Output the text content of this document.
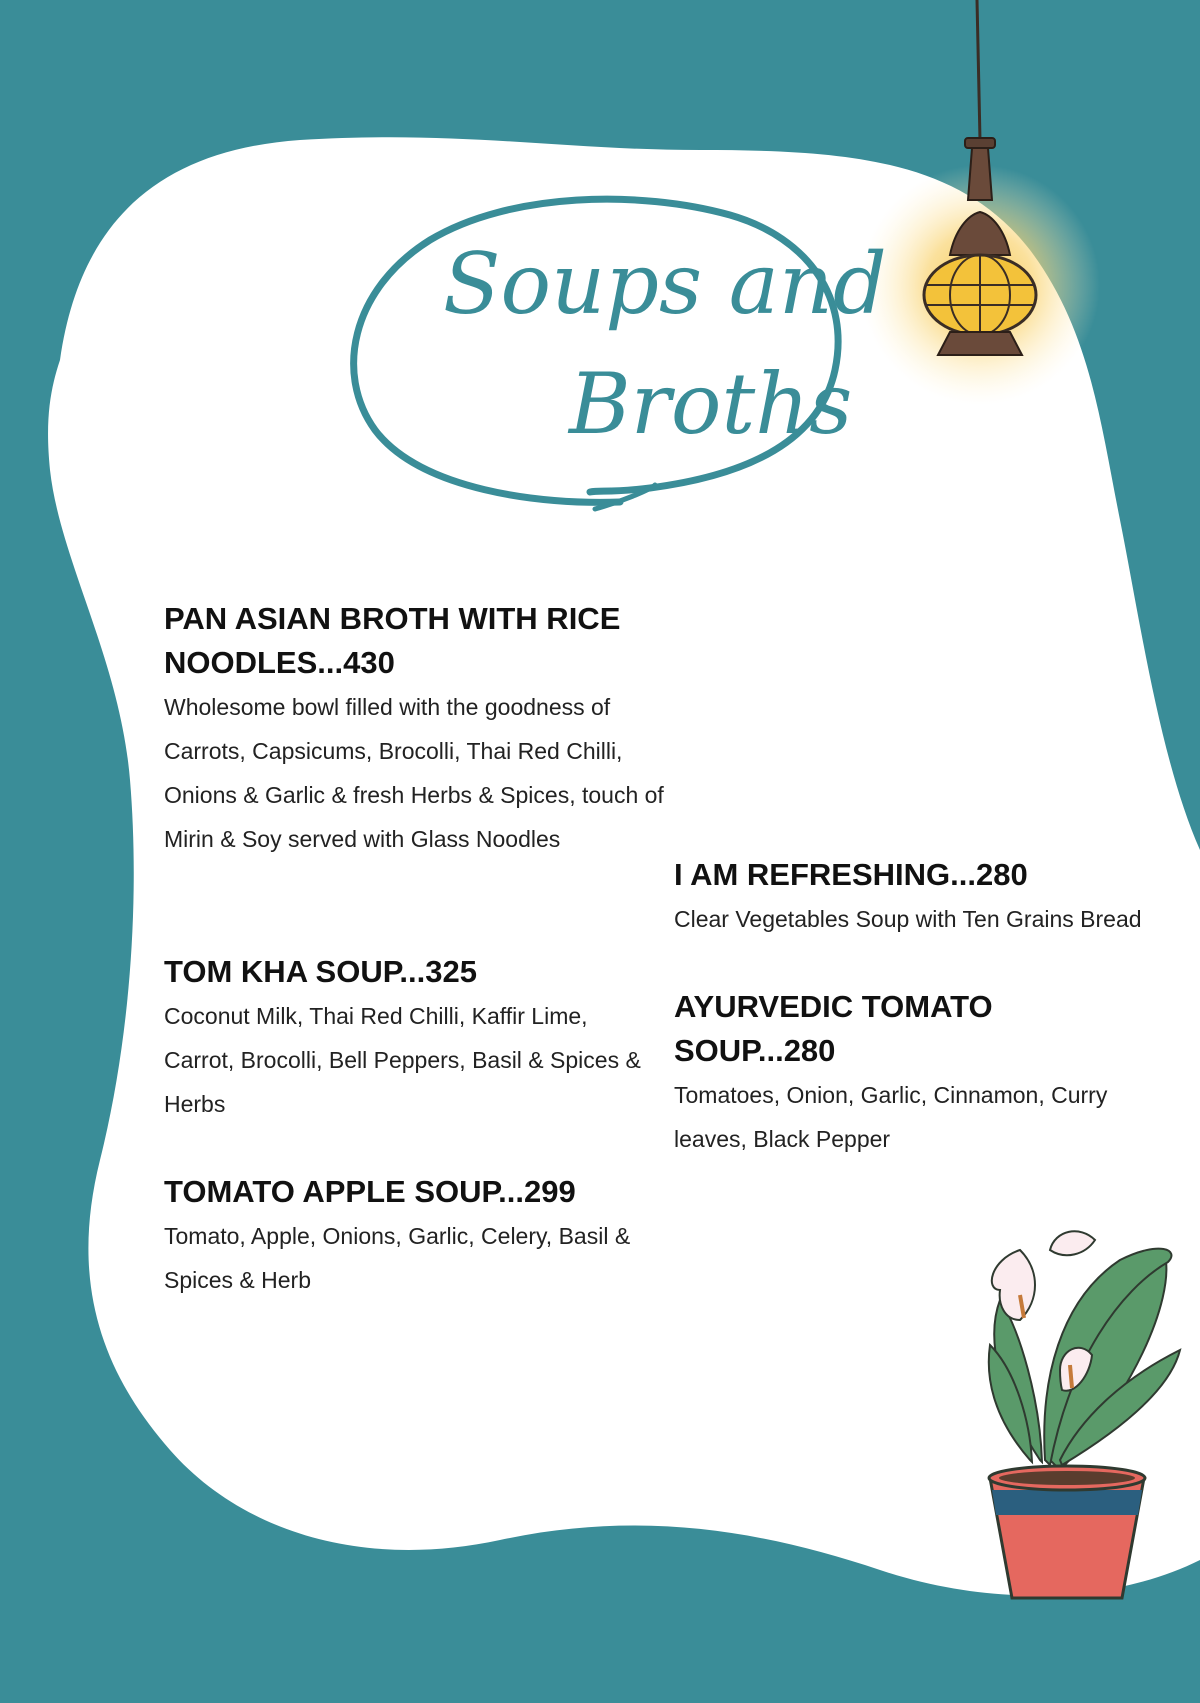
Soups and
Broths
PAN ASIAN BROTH WITH RICE NOODLES...430

Wholesome bowl filled with the goodness of Carrots, Capsicums, Brocolli, Thai Red Chilli, Onions & Garlic & fresh Herbs & Spices, touch of Mirin & Soy served with Glass Noodles

TOM KHA SOUP...325

Coconut Milk, Thai Red Chilli, Kaffir Lime, Carrot, Brocolli, Bell Peppers, Basil & Spices & Herbs

TOMATO APPLE SOUP...299

Tomato, Apple, Onions, Garlic, Celery, Basil & Spices & Herb

I AM REFRESHING...280

Clear Vegetables Soup with Ten Grains Bread

AYURVEDIC TOMATO SOUP...280

Tomatoes, Onion, Garlic, Cinnamon, Curry leaves, Black Pepper
